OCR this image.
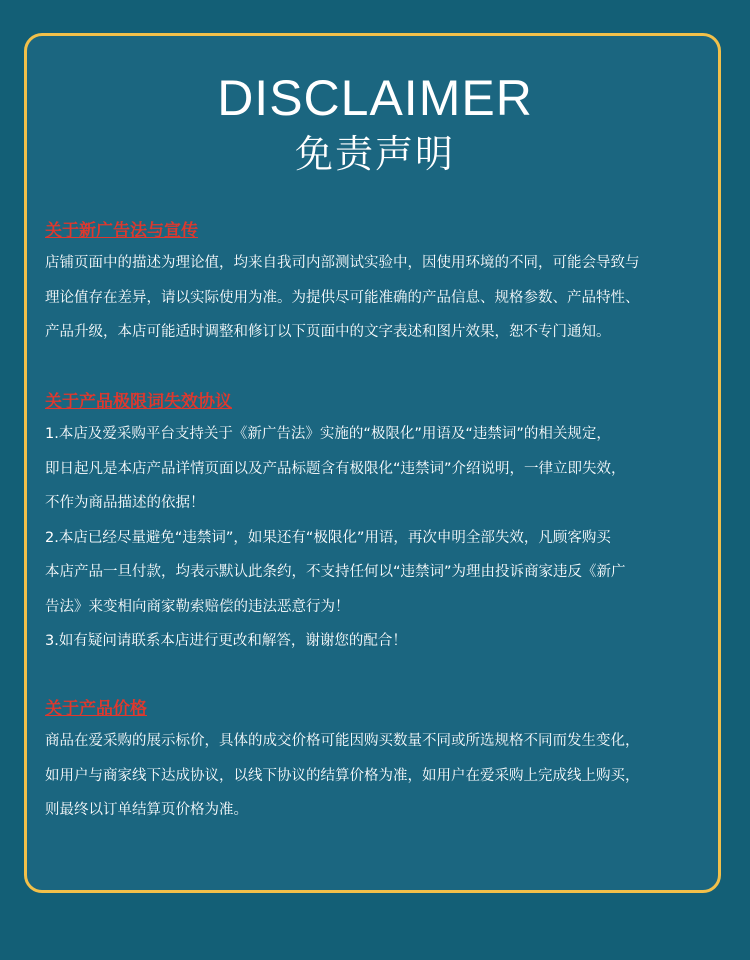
DISCLAIMER
免责声明

关于新广告法与宣传

店铺页面中的描述为理论值，均来自我司内部测试实验中，因使用环境的不同，可能会导致与

理论值存在差异，请以实际使用为准。为提供尽可能准确的产品信息、规格参数、产品特性、

产品升级，本店可能适时调整和修订以下页面中的文字表述和图片效果，恕不专门通知。

关于产品极限词失效协议

1.本店及爱采购平台支持关于《新广告法》实施的“极限化”用语及“违禁词”的相关规定，

即日起凡是本店产品详情页面以及产品标题含有极限化“违禁词”介绍说明，一律立即失效，

不作为商品描述的依据！

2.本店已经尽量避免“违禁词”，如果还有“极限化”用语，再次申明全部失效，凡顾客购买

本店产品一旦付款，均表示默认此条约，不支持任何以“违禁词”为理由投诉商家违反《新广

告法》来变相向商家勒索赔偿的违法恶意行为！

3.如有疑问请联系本店进行更改和解答，谢谢您的配合！

关于产品价格

商品在爱采购的展示标价，具体的成交价格可能因购买数量不同或所选规格不同而发生变化，

如用户与商家线下达成协议，以线下协议的结算价格为准，如用户在爱采购上完成线上购买，

则最终以订单结算页价格为准。
